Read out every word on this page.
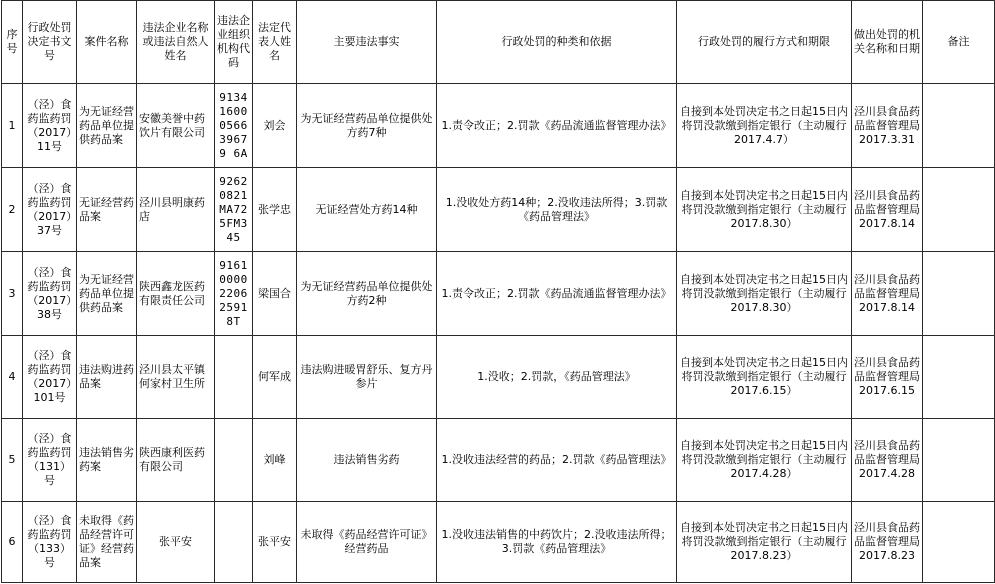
序号	行政处罚决定书文号	案件名称	违法企业名称或违法自然人姓名	违法企业组织机构代码	法定代表人姓名	主要违法事实	行政处罚的种类和依据	行政处罚的履行方式和期限	做出处罚的机关名称和日期	备注
1	（泾）食药监药罚（2017）11号	为无证经营药品单位提供药品案	安徽美誉中药饮片有限公司	91341600056639679 6A	刘会	为无证经营药品单位提供处方药7种	1.责令改正；2.罚款《药品流通监督管理办法》	自接到本处罚决定书之日起15日内将罚没款缴到指定银行（主动履行2017.4.7）	泾川县食品药品监督管理局2017.3.31	
2	（泾）食药监药罚（2017）37号	无证经营药品案	泾川县明康药店	92620821MA725FM345	张学忠	无证经营处方药14种	1.没收处方药14种；2.没收违法所得；3.罚款《药品管理法》	自接到本处罚决定书之日起15日内将罚没款缴到指定银行（主动履行2017.8.30）	泾川县食品药品监督管理局2017.8.14	
3	（泾）食药监药罚（2017）38号	为无证经营药品单位提供药品案	陕西鑫龙医药有限责任公司	91610000220625918T	梁国合	为无证经营药品单位提供处方药2种	1.责令改正；2.罚款《药品流通监督管理办法》	自接到本处罚决定书之日起15日内将罚没款缴到指定银行（主动履行2017.8.30）	泾川县食品药品监督管理局2017.8.14	
4	（泾）食药监药罚（2017）101号	违法购进药品案	泾川县太平镇何家村卫生所		何军成	违法购进暖胃舒乐、复方丹参片	1.没收；2.罚款，《药品管理法》	自接到本处罚决定书之日起15日内将罚没款缴到指定银行（主动履行2017.6.15）	泾川县食品药品监督管理局2017.6.15	
5	（泾）食药监药罚（131）号	违法销售劣药案	陕西康利医药有限公司		刘峰	违法销售劣药	1.没收违法经营的药品；2.罚款《药品管理法》	自接到本处罚决定书之日起15日内将罚没款缴到指定银行（主动履行2017.4.28）	泾川县食品药品监督管理局2017.4.28	
6	（泾）食药监药罚（133）号	未取得《药品经营许可证》经营药品案	张平安		张平安	未取得《药品经营许可证》经营药品	1.没收违法销售的中药饮片；2.没收违法所得；3.罚款《药品管理法》	自接到本处罚决定书之日起15日内将罚没款缴到指定银行（主动履行2017.8.23）	泾川县食品药品监督管理局2017.8.23	
